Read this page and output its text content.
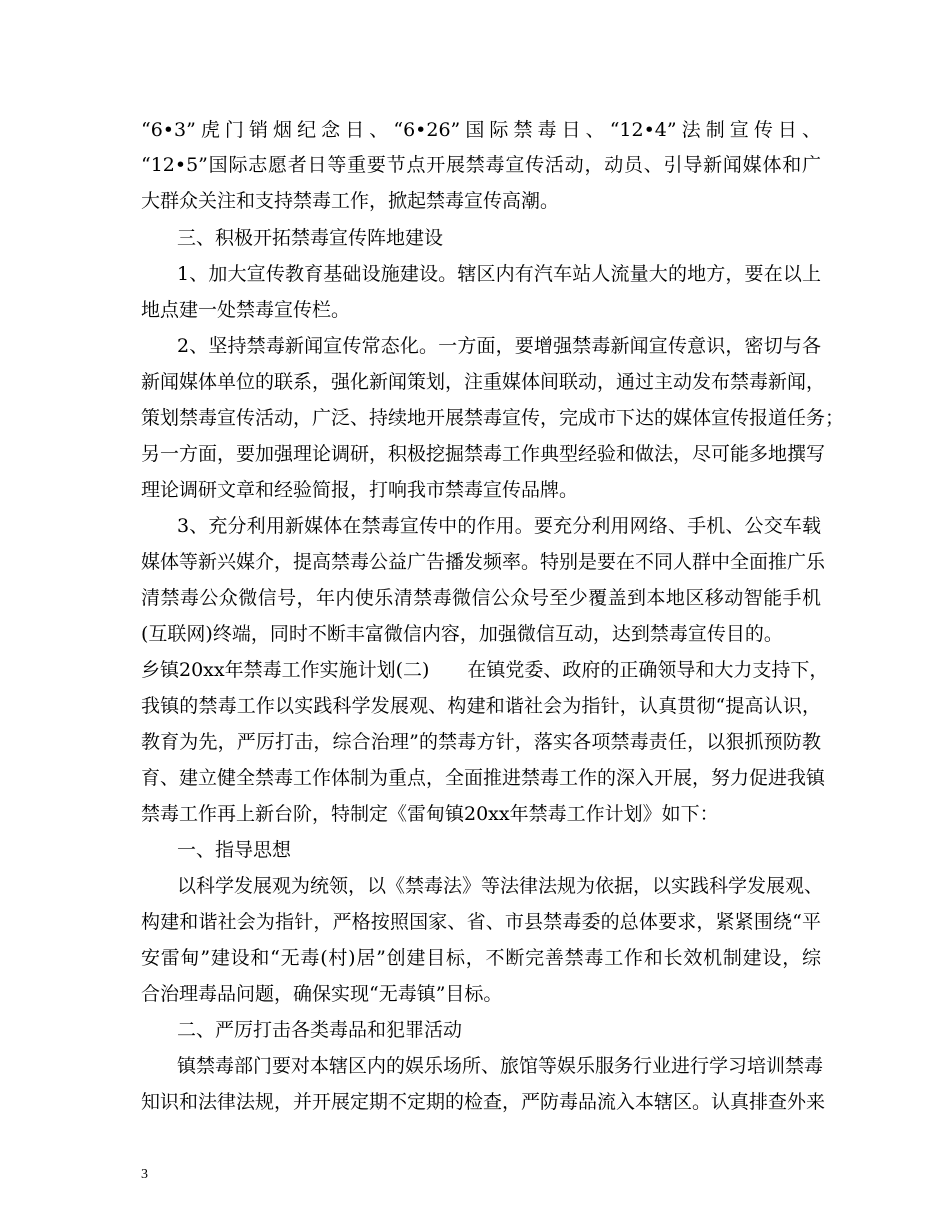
“6•3”虎门销烟纪念日、“6•26”国际禁毒日、“12•4”法制宣传日、

“12•5”国际志愿者日等重要节点开展禁毒宣传活动，动员、引导新闻媒体和广

大群众关注和支持禁毒工作，掀起禁毒宣传高潮。

三、积极开拓禁毒宣传阵地建设

1、加大宣传教育基础设施建设。辖区内有汽车站人流量大的地方，要在以上

地点建一处禁毒宣传栏。

2、坚持禁毒新闻宣传常态化。一方面，要增强禁毒新闻宣传意识，密切与各

新闻媒体单位的联系，强化新闻策划，注重媒体间联动，通过主动发布禁毒新闻，

策划禁毒宣传活动，广泛、持续地开展禁毒宣传，完成市下达的媒体宣传报道任务；

另一方面，要加强理论调研，积极挖掘禁毒工作典型经验和做法，尽可能多地撰写

理论调研文章和经验简报，打响我市禁毒宣传品牌。

3、充分利用新媒体在禁毒宣传中的作用。要充分利用网络、手机、公交车载

媒体等新兴媒介，提高禁毒公益广告播发频率。特别是要在不同人群中全面推广乐

清禁毒公众微信号，年内使乐清禁毒微信公众号至少覆盖到本地区移动智能手机

(互联网)终端，同时不断丰富微信内容，加强微信互动，达到禁毒宣传目的。

乡镇20xx年禁毒工作实施计划(二)　　在镇党委、政府的正确领导和大力支持下，

我镇的禁毒工作以实践科学发展观、构建和谐社会为指针，认真贯彻“提高认识，

教育为先，严厉打击，综合治理”的禁毒方针，落实各项禁毒责任，以狠抓预防教

育、建立健全禁毒工作体制为重点，全面推进禁毒工作的深入开展，努力促进我镇

禁毒工作再上新台阶，特制定《雷甸镇20xx年禁毒工作计划》如下：

一、指导思想

以科学发展观为统领，以《禁毒法》等法律法规为依据，以实践科学发展观、

构建和谐社会为指针，严格按照国家、省、市县禁毒委的总体要求，紧紧围绕“平

安雷甸”建设和“无毒(村)居”创建目标，不断完善禁毒工作和长效机制建设，综

合治理毒品问题，确保实现“无毒镇”目标。

二、严厉打击各类毒品和犯罪活动

镇禁毒部门要对本辖区内的娱乐场所、旅馆等娱乐服务行业进行学习培训禁毒

知识和法律法规，并开展定期不定期的检查，严防毒品流入本辖区。认真排查外来

3
